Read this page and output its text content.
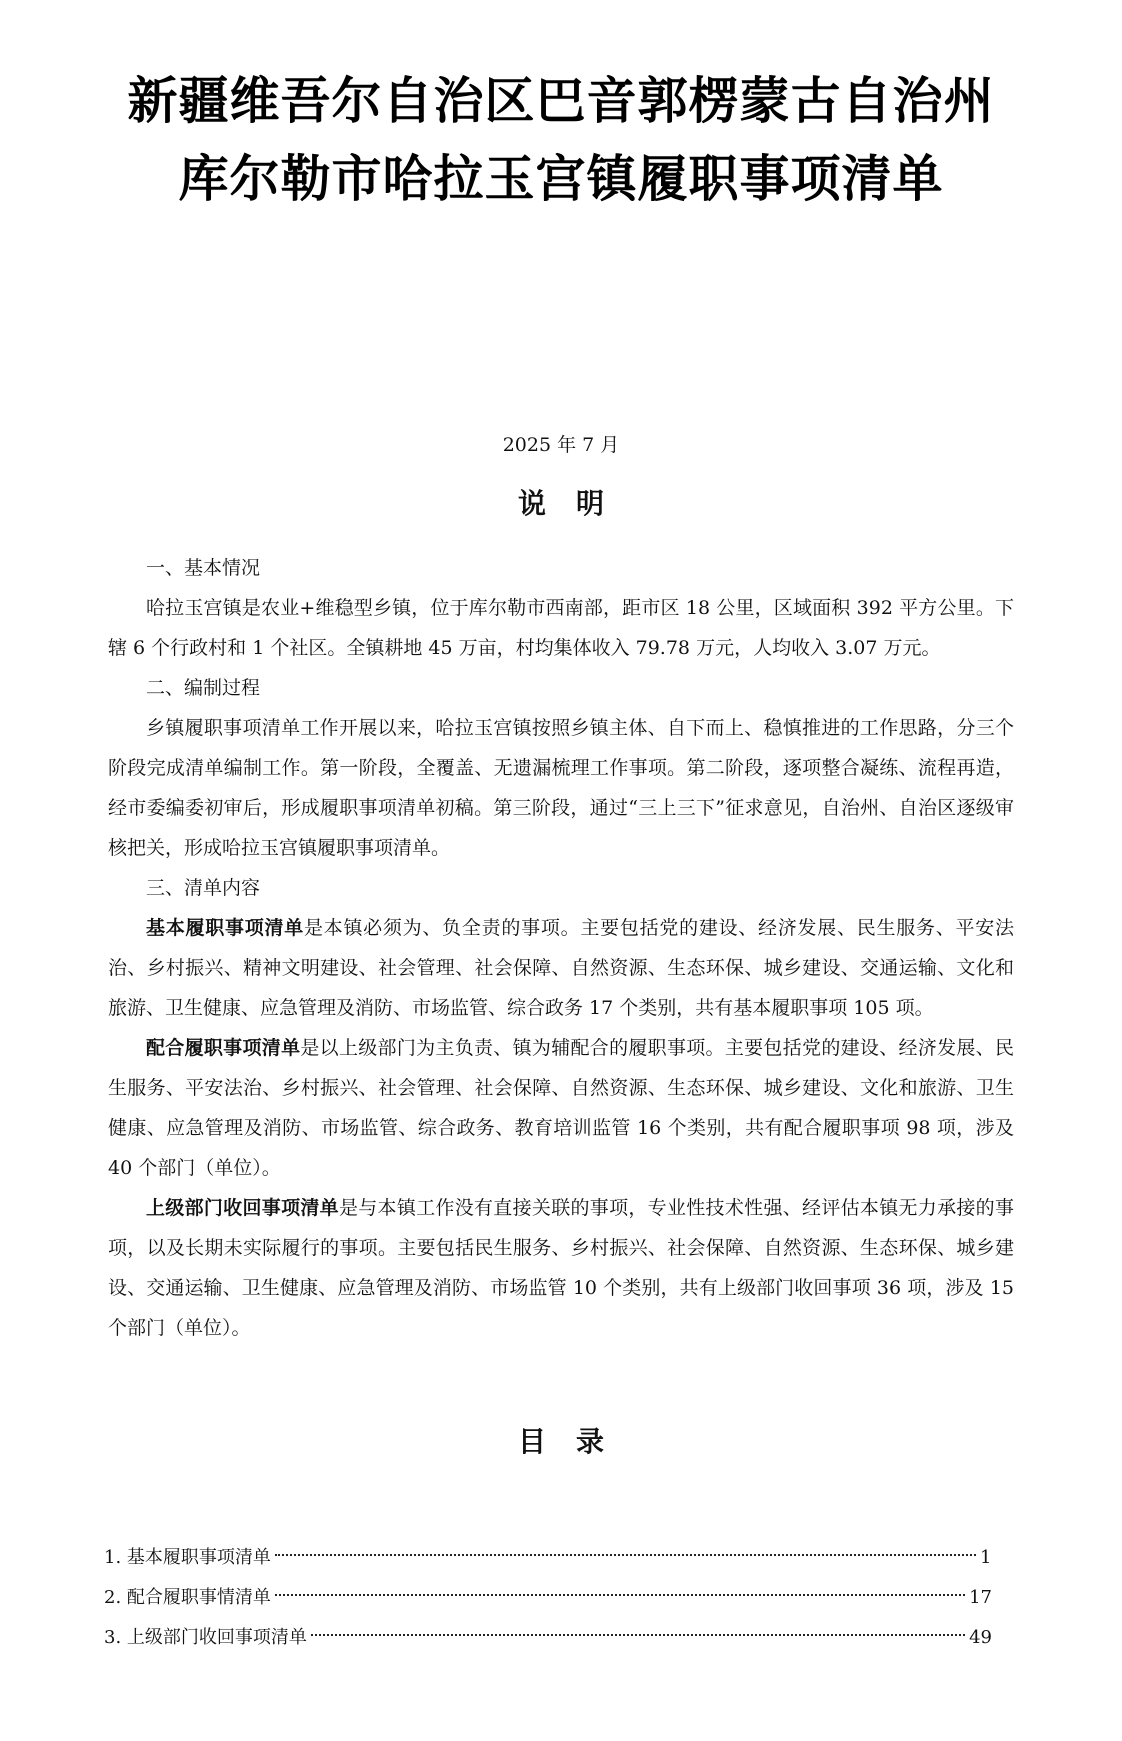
新疆维吾尔自治区巴音郭楞蒙古自治州
库尔勒市哈拉玉宫镇履职事项清单
2025 年 7 月
说明
一、基本情况

哈拉玉宫镇是农业+维稳型乡镇，位于库尔勒市西南部，距市区 18 公里，区域面积 392 平方公里。下辖 6 个行政村和 1 个社区。全镇耕地 45 万亩，村均集体收入 79.78 万元，人均收入 3.07 万元。

二、编制过程

乡镇履职事项清单工作开展以来，哈拉玉宫镇按照乡镇主体、自下而上、稳慎推进的工作思路，分三个阶段完成清单编制工作。第一阶段，全覆盖、无遗漏梳理工作事项。第二阶段，逐项整合凝练、流程再造，经市委编委初审后，形成履职事项清单初稿。第三阶段，通过“三上三下”征求意见，自治州、自治区逐级审核把关，形成哈拉玉宫镇履职事项清单。

三、清单内容

基本履职事项清单是本镇必须为、负全责的事项。主要包括党的建设、经济发展、民生服务、平安法治、乡村振兴、精神文明建设、社会管理、社会保障、自然资源、生态环保、城乡建设、交通运输、文化和旅游、卫生健康、应急管理及消防、市场监管、综合政务 17 个类别，共有基本履职事项 105 项。

配合履职事项清单是以上级部门为主负责、镇为辅配合的履职事项。主要包括党的建设、经济发展、民生服务、平安法治、乡村振兴、社会管理、社会保障、自然资源、生态环保、城乡建设、文化和旅游、卫生健康、应急管理及消防、市场监管、综合政务、教育培训监管 16 个类别，共有配合履职事项 98 项，涉及 40 个部门（单位）。

上级部门收回事项清单是与本镇工作没有直接关联的事项，专业性技术性强、经评估本镇无力承接的事项，以及长期未实际履行的事项。主要包括民生服务、乡村振兴、社会保障、自然资源、生态环保、城乡建设、交通运输、卫生健康、应急管理及消防、市场监管 10 个类别，共有上级部门收回事项 36 项，涉及 15 个部门（单位）。

目录
1. 基本履职事项清单	1
2. 配合履职事情清单	17
3. 上级部门收回事项清单	49
